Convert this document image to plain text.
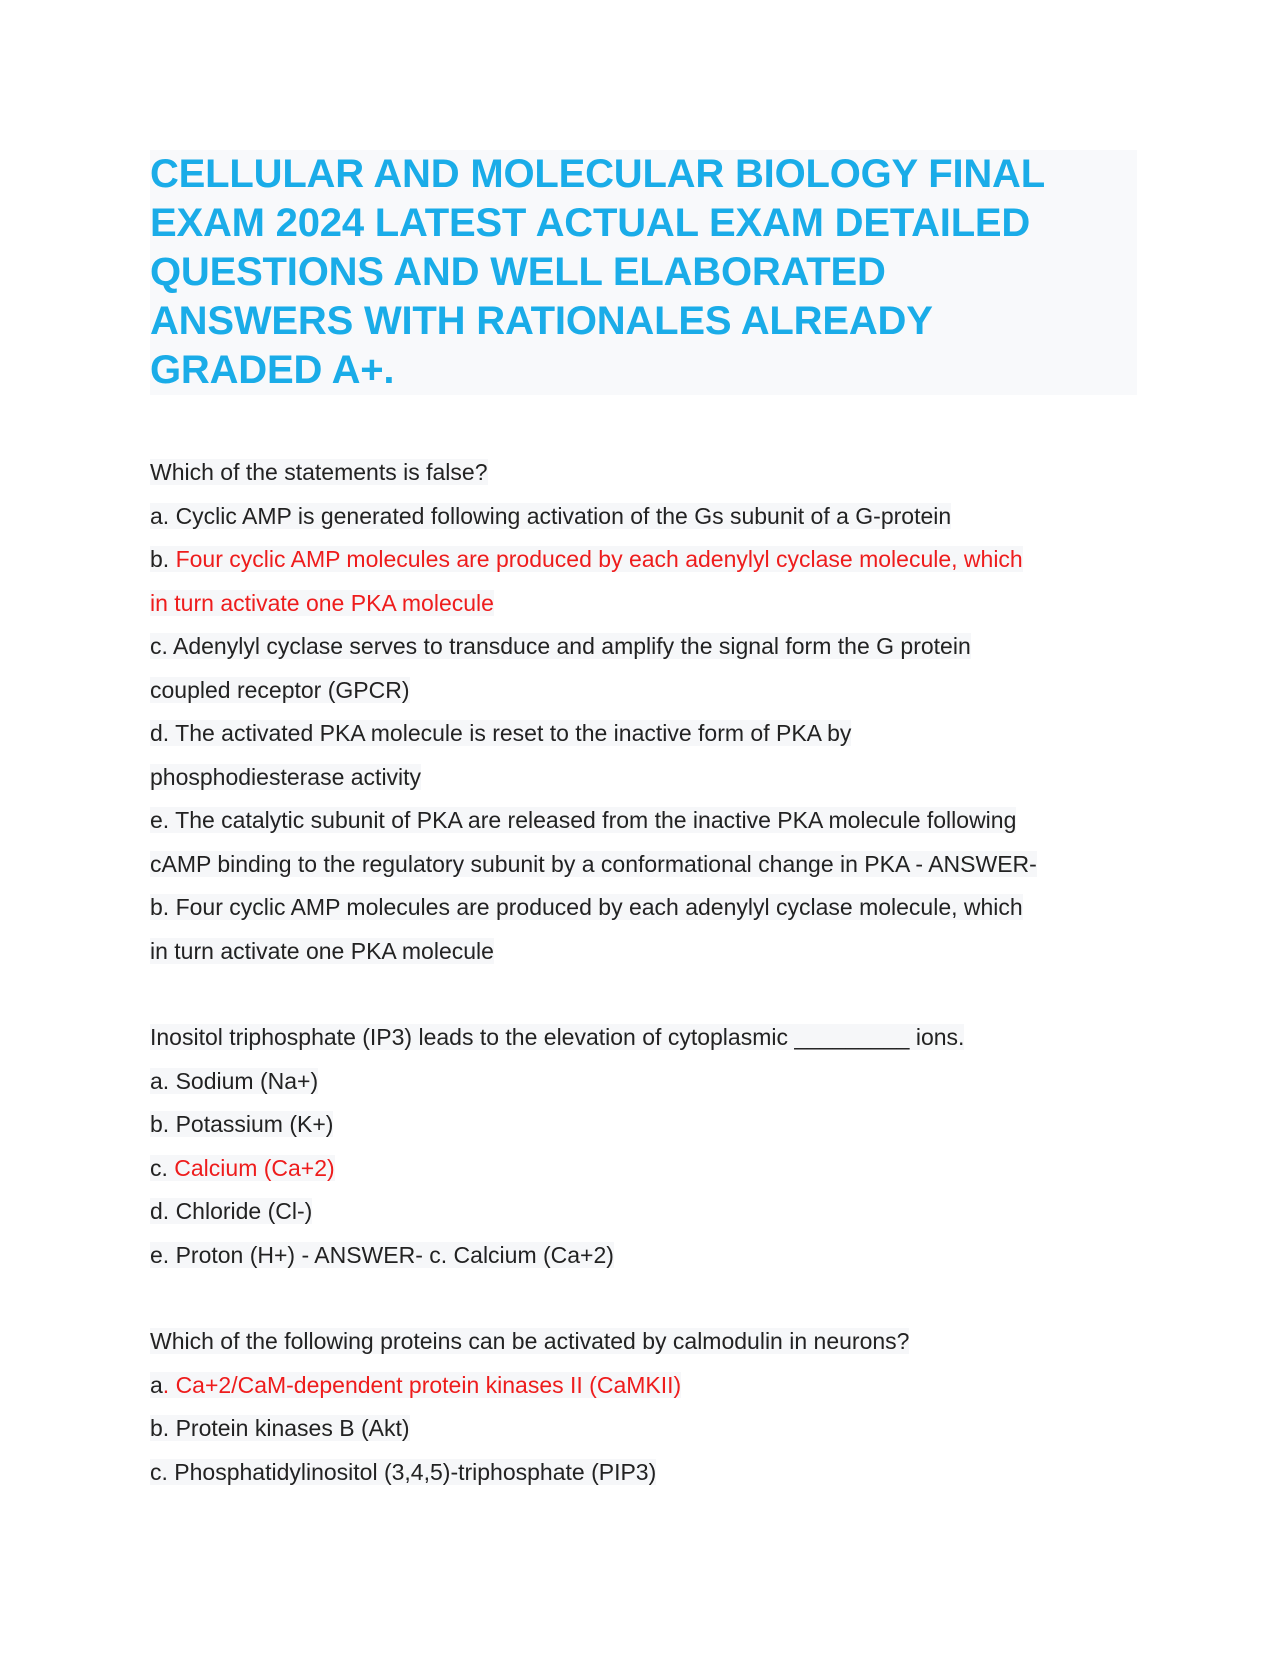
CELLULAR AND MOLECULAR BIOLOGY FINAL
EXAM 2024 LATEST ACTUAL EXAM DETAILED
QUESTIONS AND WELL ELABORATED
ANSWERS WITH RATIONALES ALREADY
GRADED A+.
Which of the statements is false?
a. Cyclic AMP is generated following activation of the Gs subunit of a G-protein
b. Four cyclic AMP molecules are produced by each adenylyl cyclase molecule, which
in turn activate one PKA molecule
c. Adenylyl cyclase serves to transduce and amplify the signal form the G protein
coupled receptor (GPCR)
d. The activated PKA molecule is reset to the inactive form of PKA by
phosphodiesterase activity
e. The catalytic subunit of PKA are released from the inactive PKA molecule following
cAMP binding to the regulatory subunit by a conformational change in PKA - ANSWER-
b. Four cyclic AMP molecules are produced by each adenylyl cyclase molecule, which
in turn activate one PKA molecule
Inositol triphosphate (IP3) leads to the elevation of cytoplasmic _________ ions.
a. Sodium (Na+)
b. Potassium (K+)
c. Calcium (Ca+2)
d. Chloride (Cl-)
e. Proton (H+) - ANSWER- c. Calcium (Ca+2)
Which of the following proteins can be activated by calmodulin in neurons?
a. Ca+2/CaM-dependent protein kinases II (CaMKII)
b. Protein kinases B (Akt)
c. Phosphatidylinositol (3,4,5)-triphosphate (PIP3)
